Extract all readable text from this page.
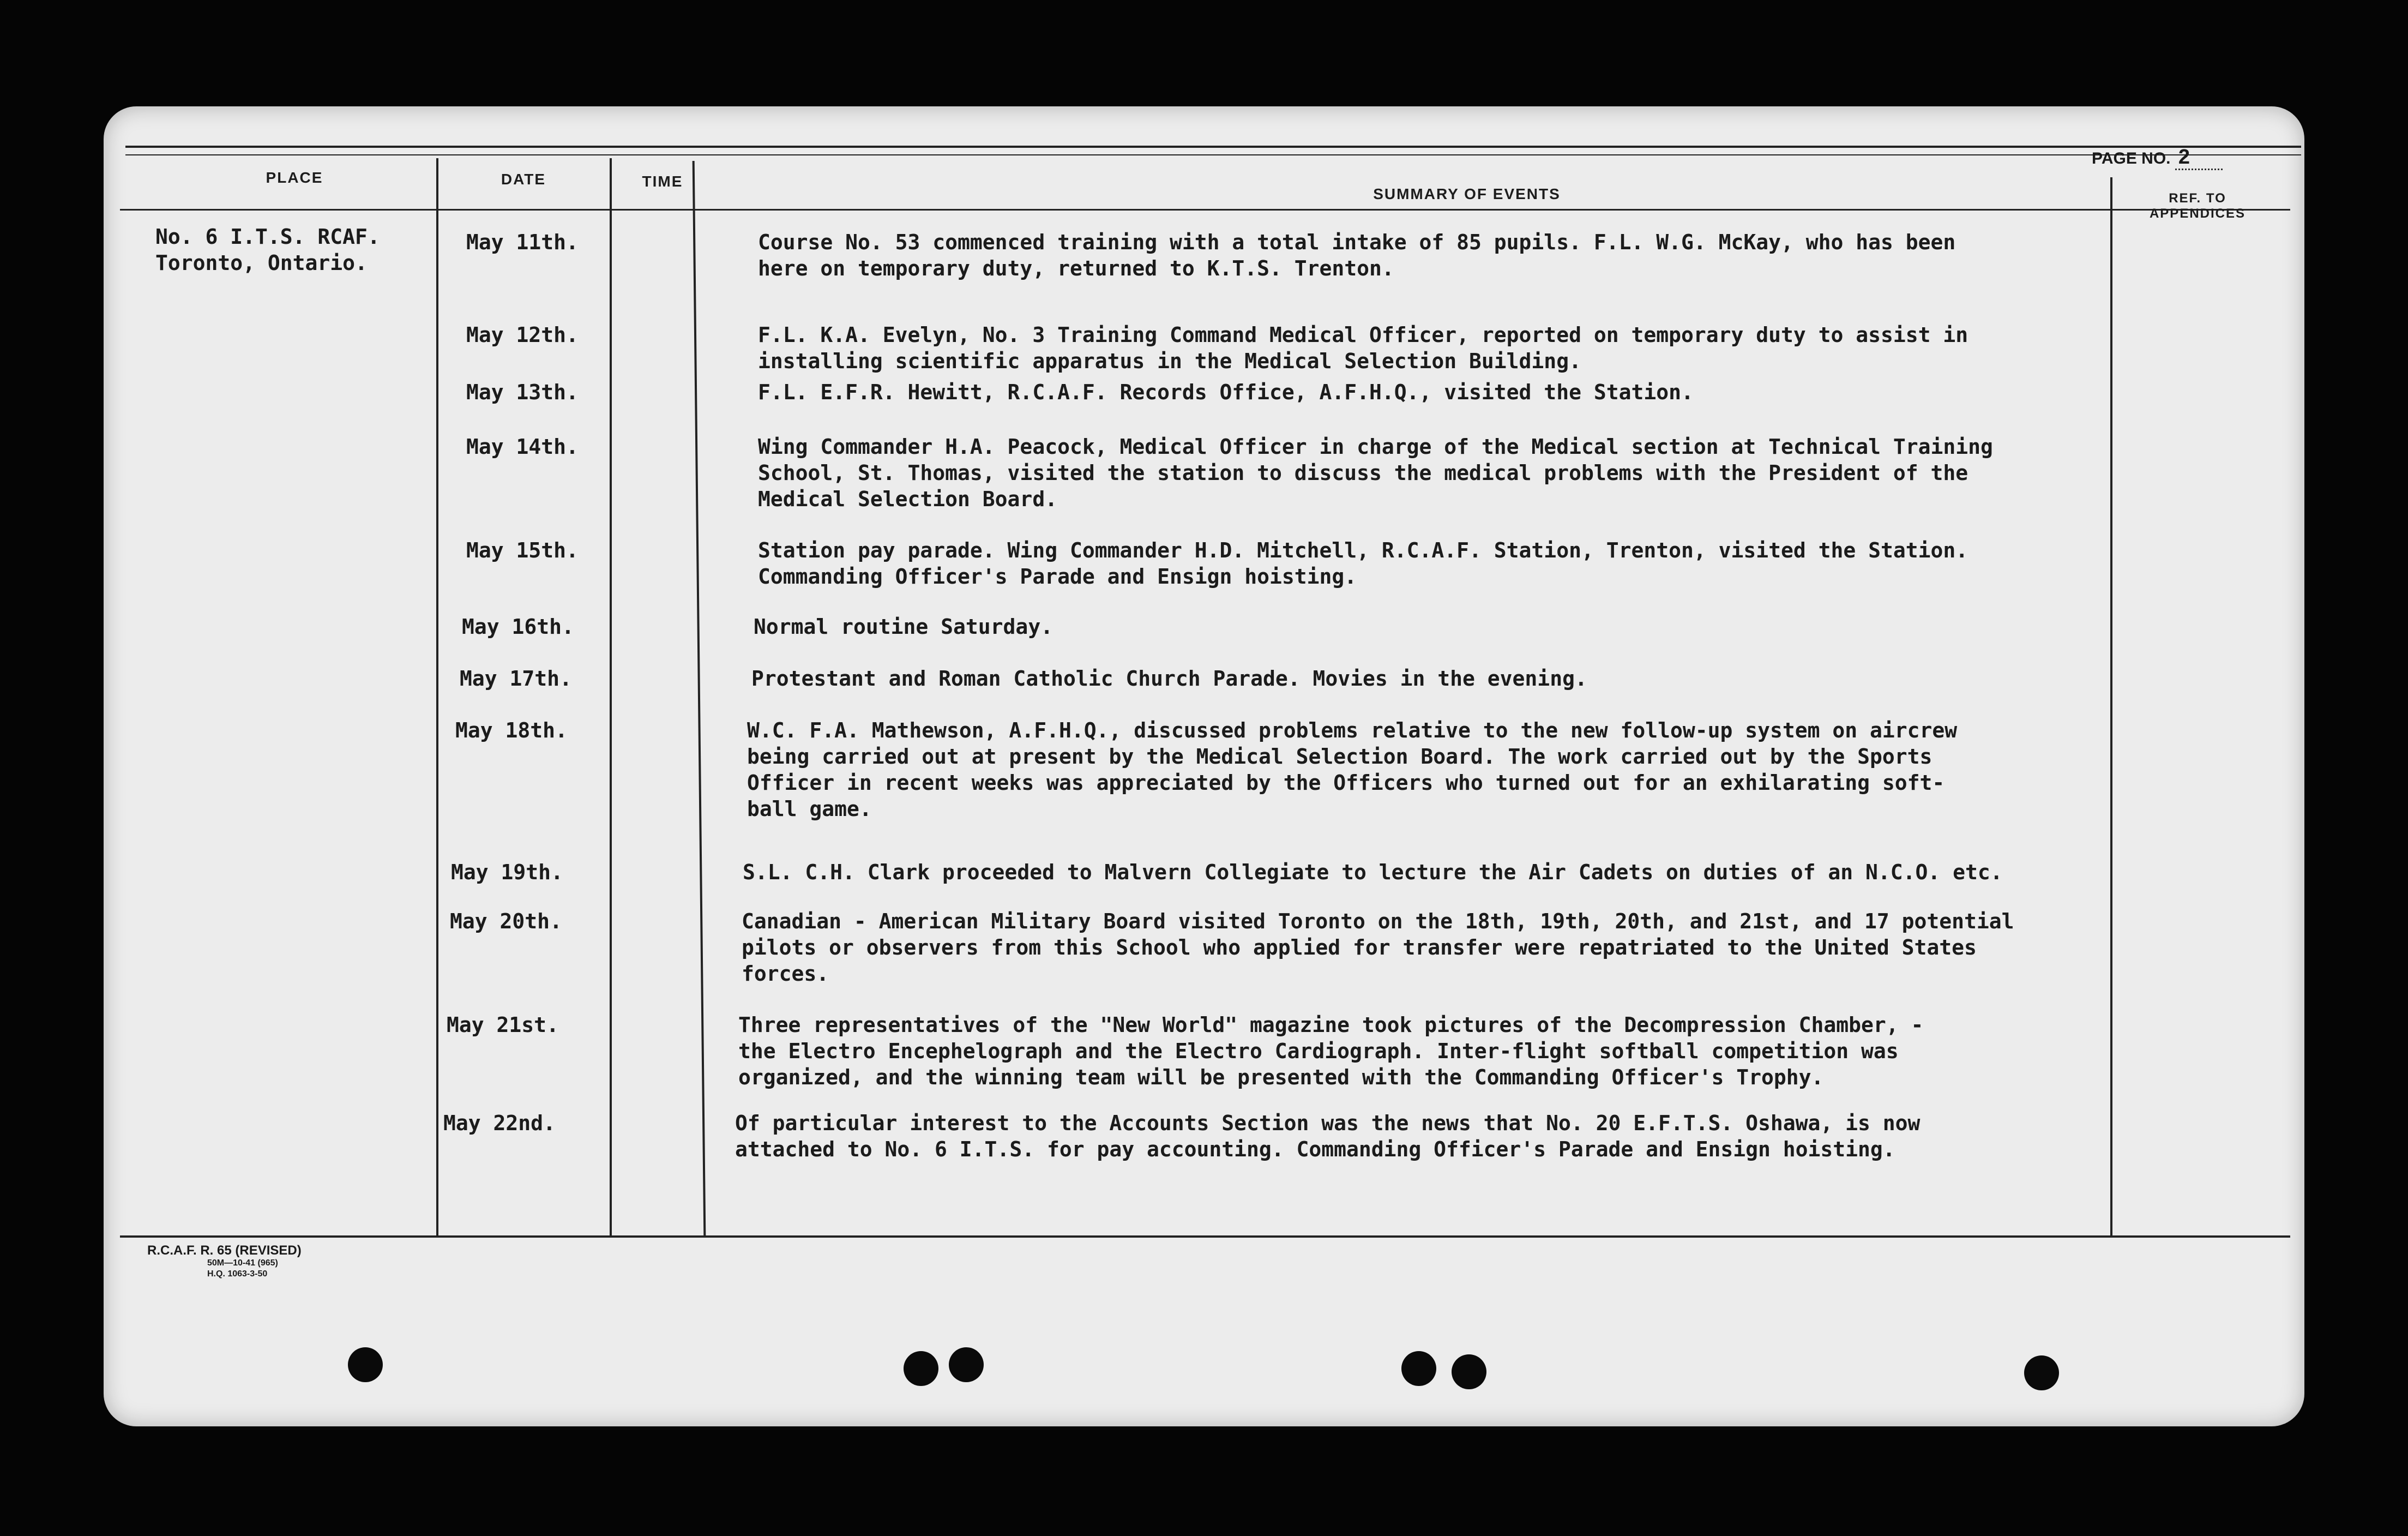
PLACE	DATE	TIME
SUMMARY OF EVENTS	REF. TO APPENDICES
PAGE NO. 2
No. 6 I.T.S. RCAF.
Toronto, Ontario.
May 11th.	Course No. 53 commenced training with a total intake of 85 pupils. F.L. W.G. McKay, who has been
here on temporary duty, returned to K.T.S. Trenton.
May 12th.	F.L. K.A. Evelyn, No. 3 Training Command Medical Officer, reported on temporary duty to assist in
installing scientific apparatus in the Medical Selection Building.
May 13th.	F.L. E.F.R. Hewitt, R.C.A.F. Records Office, A.F.H.Q., visited the Station.
May 14th.	Wing Commander H.A. Peacock, Medical Officer in charge of the Medical section at Technical Training
School, St. Thomas, visited the station to discuss the medical problems with the President of the
Medical Selection Board.
May 15th.	Station pay parade. Wing Commander H.D. Mitchell, R.C.A.F. Station, Trenton, visited the Station.
Commanding Officer's Parade and Ensign hoisting.
May 16th.	Normal routine Saturday.
May 17th.	Protestant and Roman Catholic Church Parade. Movies in the evening.
May 18th.	W.C. F.A. Mathewson, A.F.H.Q., discussed problems relative to the new follow-up system on aircrew
being carried out at present by the Medical Selection Board. The work carried out by the Sports
Officer in recent weeks was appreciated by the Officers who turned out for an exhilarating soft-
ball game.
May 19th.	S.L. C.H. Clark proceeded to Malvern Collegiate to lecture the Air Cadets on duties of an N.C.O. etc.
May 20th.	Canadian - American Military Board visited Toronto on the 18th, 19th, 20th, and 21st, and 17 potential
pilots or observers from this School who applied for transfer were repatriated to the United States
forces.
May 21st.	Three representatives of the "New World" magazine took pictures of the Decompression Chamber, -
the Electro Encephelograph and the Electro Cardiograph. Inter-flight softball competition was
organized, and the winning team will be presented with the Commanding Officer's Trophy.
May 22nd.	Of particular interest to the Accounts Section was the news that No. 20 E.F.T.S. Oshawa, is now
attached to No. 6 I.T.S. for pay accounting. Commanding Officer's Parade and Ensign hoisting.
R.C.A.F. R. 65 (REVISED)
50M—10-41 (965)
H.Q. 1063-3-50
